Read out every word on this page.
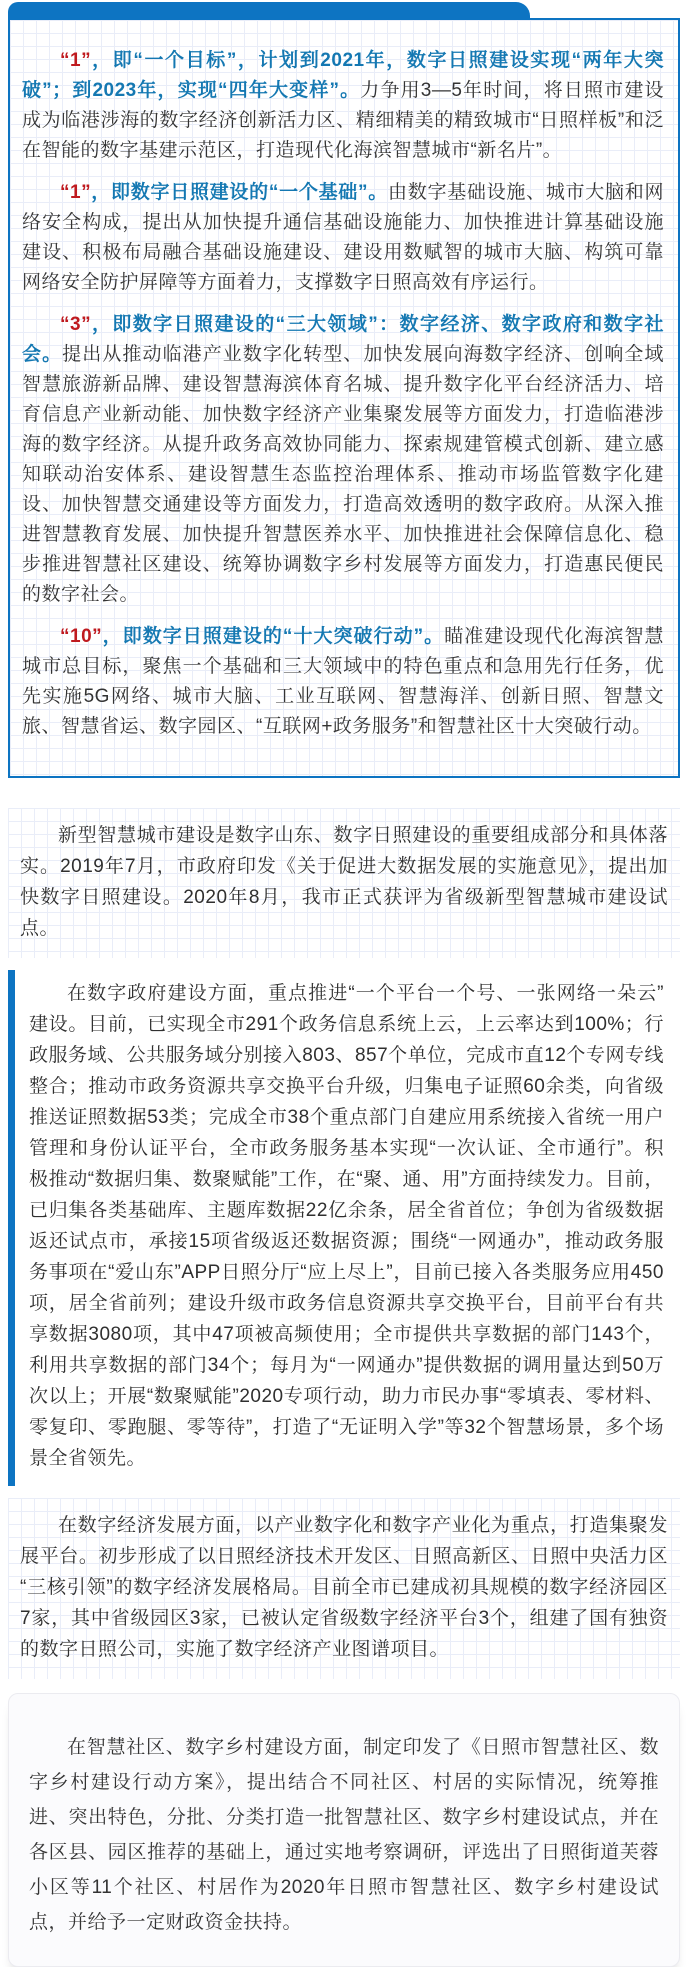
“1”，即“一个目标”，计划到2021年，数字日照建设实现“两年大突破”；到2023年，实现“四年大变样”。力争用3—5年时间，将日照市建设成为临港涉海的数字经济创新活力区、精细精美的精致城市“日照样板”和泛在智能的数字基建示范区，打造现代化海滨智慧城市“新名片”。

“1”，即数字日照建设的“一个基础”。由数字基础设施、城市大脑和网络安全构成，提出从加快提升通信基础设施能力、加快推进计算基础设施建设、积极布局融合基础设施建设、建设用数赋智的城市大脑、构筑可靠网络安全防护屏障等方面着力，支撑数字日照高效有序运行。

“3”，即数字日照建设的“三大领域”：数字经济、数字政府和数字社会。提出从推动临港产业数字化转型、加快发展向海数字经济、创响全域智慧旅游新品牌、建设智慧海滨体育名城、提升数字化平台经济活力、培育信息产业新动能、加快数字经济产业集聚发展等方面发力，打造临港涉海的数字经济。从提升政务高效协同能力、探索规建管模式创新、建立感知联动治安体系、建设智慧生态监控治理体系、推动市场监管数字化建设、加快智慧交通建设等方面发力，打造高效透明的数字政府。从深入推进智慧教育发展、加快提升智慧医养水平、加快推进社会保障信息化、稳步推进智慧社区建设、统筹协调数字乡村发展等方面发力，打造惠民便民的数字社会。

“10”，即数字日照建设的“十大突破行动”。瞄准建设现代化海滨智慧城市总目标，聚焦一个基础和三大领域中的特色重点和急用先行任务，优先实施5G网络、城市大脑、工业互联网、智慧海洋、创新日照、智慧文旅、智慧省运、数字园区、“互联网+政务服务”和智慧社区十大突破行动。

新型智慧城市建设是数字山东、数字日照建设的重要组成部分和具体落实。2019年7月，市政府印发《关于促进大数据发展的实施意见》，提出加快数字日照建设。2020年8月，我市正式获评为省级新型智慧城市建设试点。

在数字政府建设方面，重点推进“一个平台一个号、一张网络一朵云”建设。目前，已实现全市291个政务信息系统上云，上云率达到100%；行政服务域、公共服务域分别接入803、857个单位，完成市直12个专网专线整合；推动市政务资源共享交换平台升级，归集电子证照60余类，向省级推送证照数据53类；完成全市38个重点部门自建应用系统接入省统一用户管理和身份认证平台，全市政务服务基本实现“一次认证、全市通行”。积极推动“数据归集、数聚赋能”工作，在“聚、通、用”方面持续发力。目前，已归集各类基础库、主题库数据22亿余条，居全省首位；争创为省级数据返还试点市，承接15项省级返还数据资源；围绕“一网通办”，推动政务服务事项在“爱山东”APP日照分厅“应上尽上”，目前已接入各类服务应用450项，居全省前列；建设升级市政务信息资源共享交换平台，目前平台有共享数据3080项，其中47项被高频使用；全市提供共享数据的部门143个，利用共享数据的部门34个；每月为“一网通办”提供数据的调用量达到50万次以上；开展“数聚赋能”2020专项行动，助力市民办事“零填表、零材料、零复印、零跑腿、零等待”，打造了“无证明入学”等32个智慧场景，多个场景全省领先。

在数字经济发展方面，以产业数字化和数字产业化为重点，打造集聚发展平台。初步形成了以日照经济技术开发区、日照高新区、日照中央活力区“三核引领”的数字经济发展格局。目前全市已建成初具规模的数字经济园区7家，其中省级园区3家，已被认定省级数字经济平台3个，组建了国有独资的数字日照公司，实施了数字经济产业图谱项目。

在智慧社区、数字乡村建设方面，制定印发了《日照市智慧社区、数字乡村建设行动方案》，提出结合不同社区、村居的实际情况，统筹推进、突出特色，分批、分类打造一批智慧社区、数字乡村建设试点，并在各区县、园区推荐的基础上，通过实地考察调研，评选出了日照街道芙蓉小区等11个社区、村居作为2020年日照市智慧社区、数字乡村建设试点，并给予一定财政资金扶持。
